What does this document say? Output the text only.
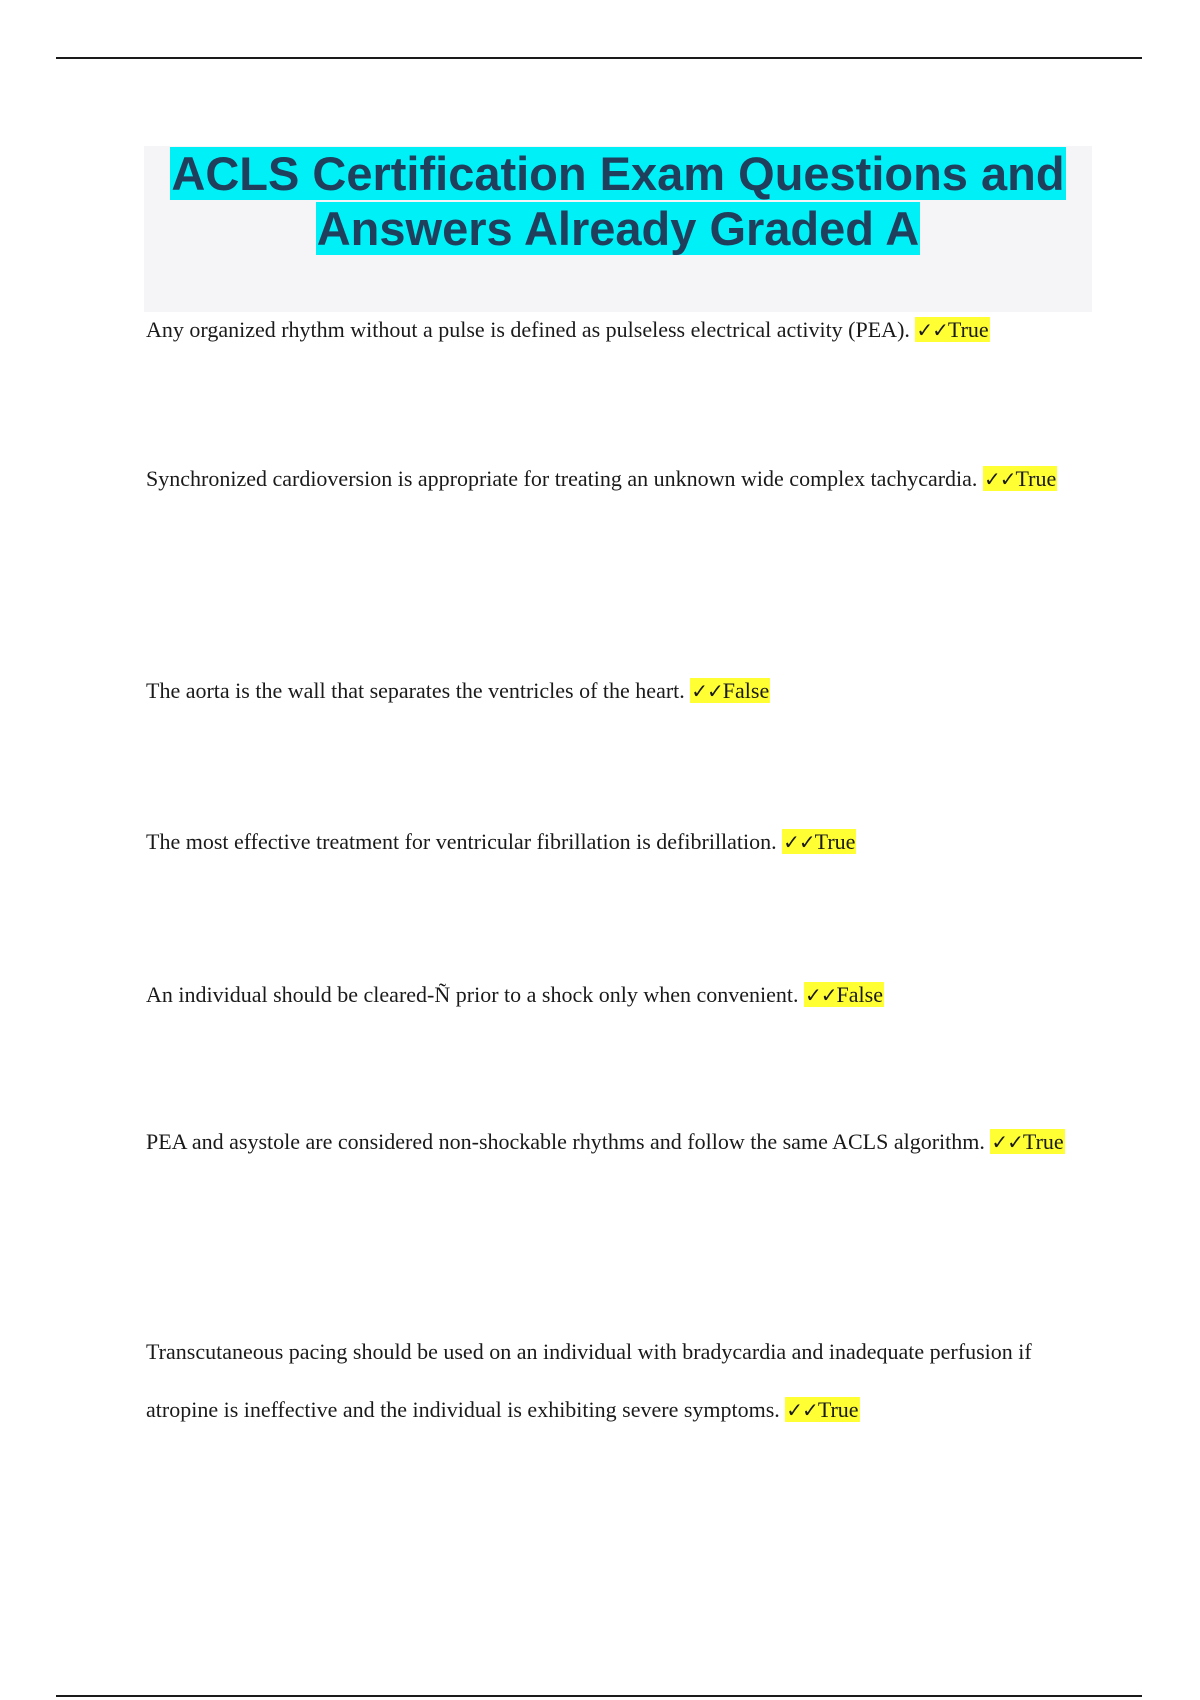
ACLS Certification Exam Questions and
Answers Already Graded A

Any organized rhythm without a pulse is defined as pulseless electrical activity (PEA). ✓✓True

Synchronized cardioversion is appropriate for treating an unknown wide complex tachycardia. ✓✓True

The aorta is the wall that separates the ventricles of the heart. ✓✓False

The most effective treatment for ventricular fibrillation is defibrillation. ✓✓True

An individual should be cleared-Ñ prior to a shock only when convenient. ✓✓False

PEA and asystole are considered non-shockable rhythms and follow the same ACLS algorithm. ✓✓True

Transcutaneous pacing should be used on an individual with bradycardia and inadequate perfusion if atropine is ineffective and the individual is exhibiting severe symptoms. ✓✓True
